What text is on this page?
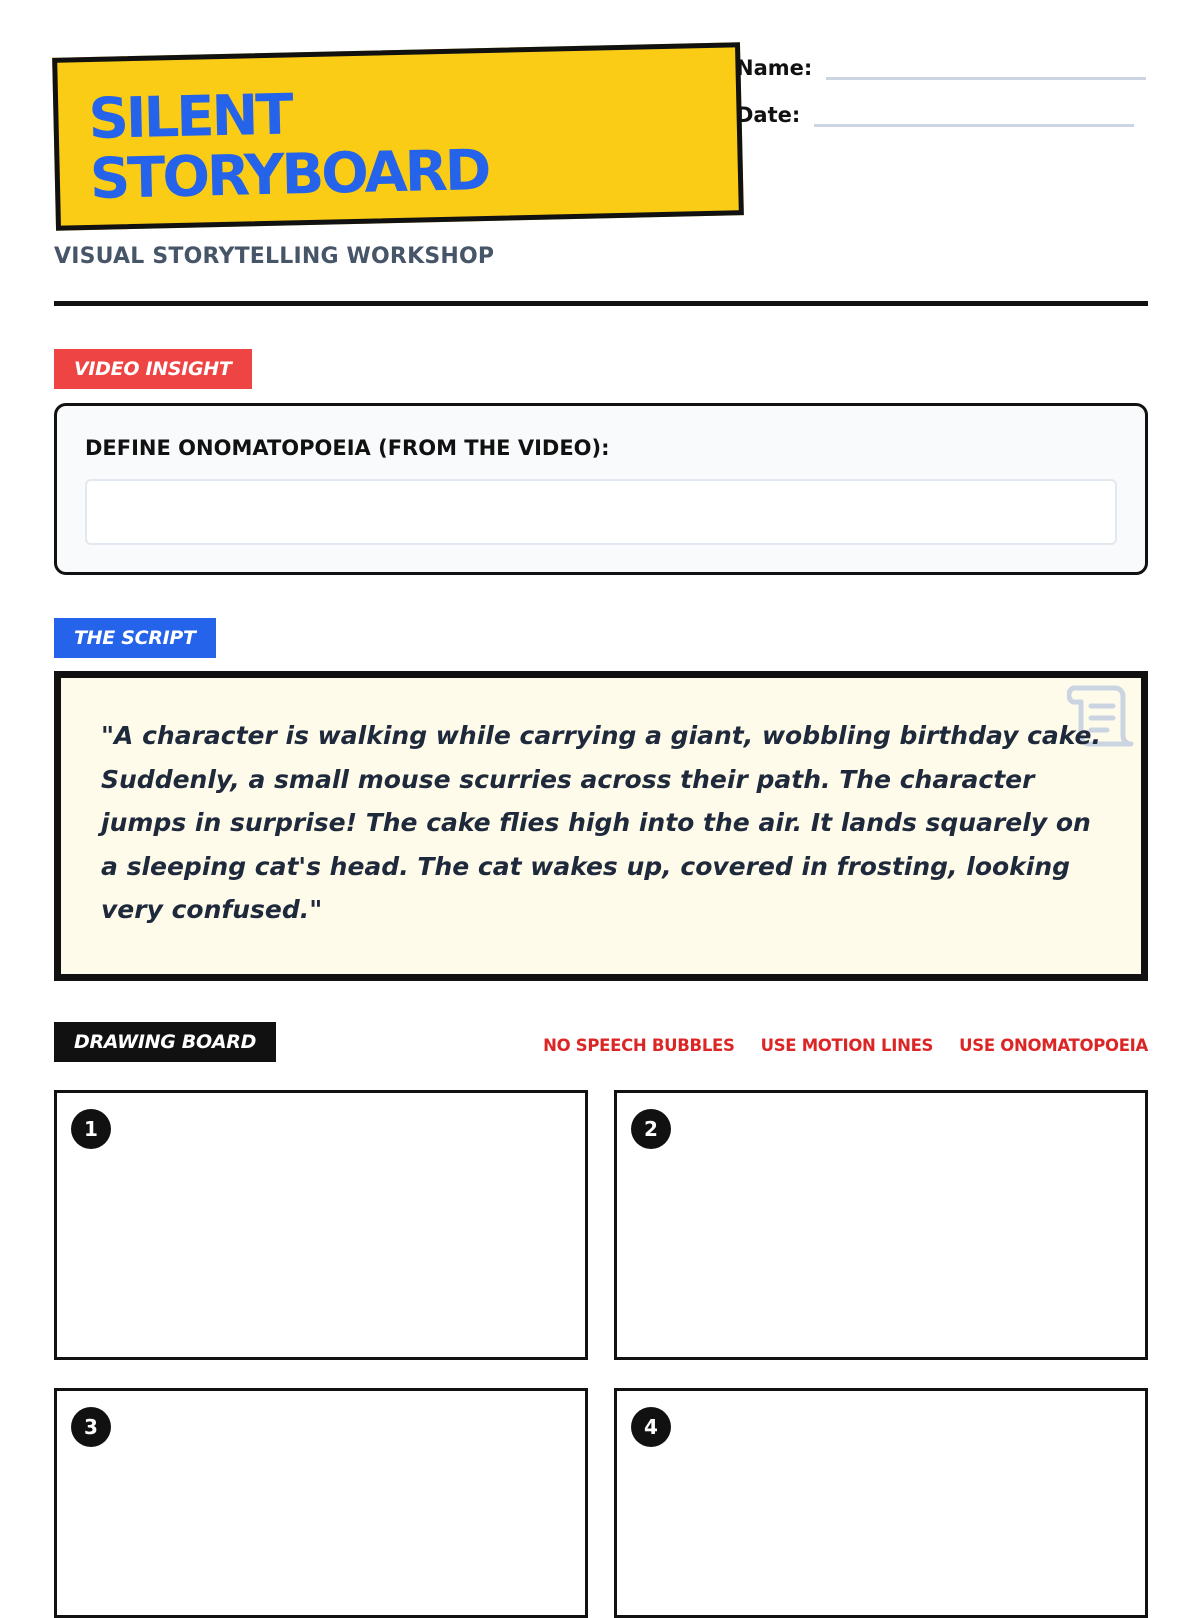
SILENT
STORYBOARD
VISUAL STORYTELLING WORKSHOP
Name:
Date:
VIDEO INSIGHT
DEFINE ONOMATOPOEIA (FROM THE VIDEO):
THE SCRIPT
"A character is walking while carrying a giant, wobbling birthday cake. Suddenly, a small mouse scurries across their path. The character jumps in surprise! The cake flies high into the air. It lands squarely on a sleeping cat's head. The cat wakes up, covered in frosting, looking very confused."
DRAWING BOARD	NO SPEECH BUBBLES USE MOTION LINES USE ONOMATOPOEIA
1	2
3	4
